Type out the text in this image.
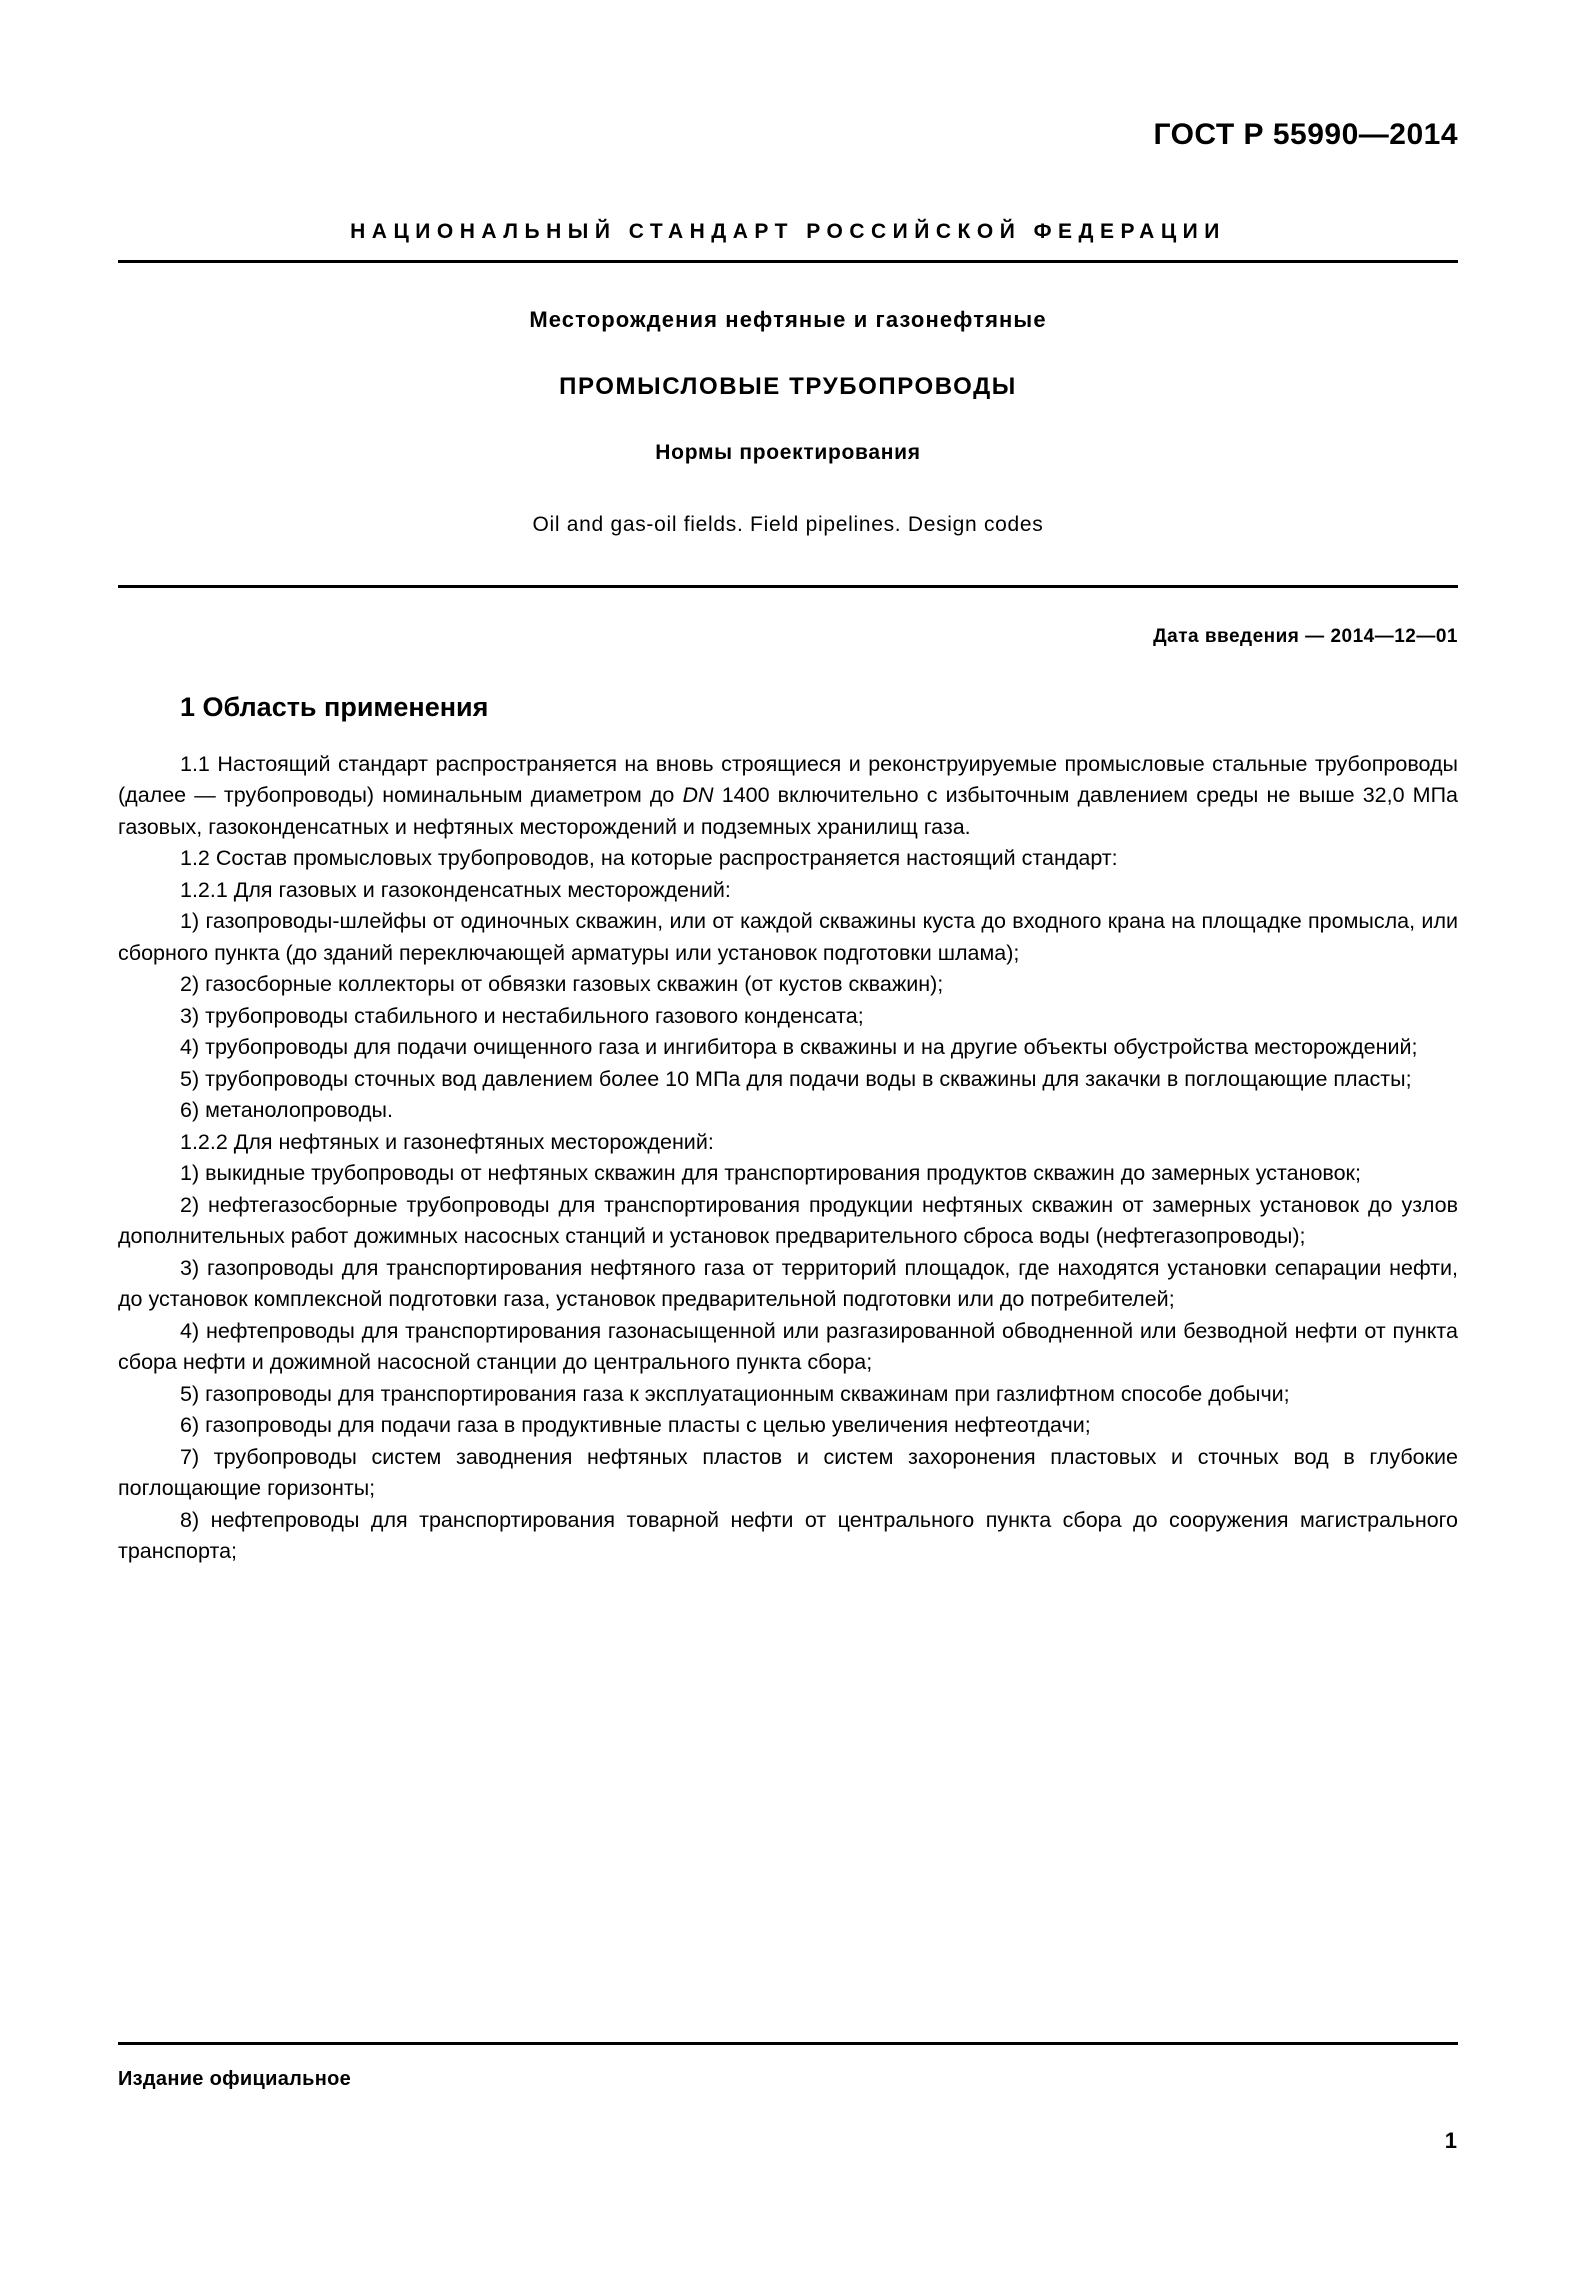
ГОСТ Р 55990—2014
НАЦИОНАЛЬНЫЙ СТАНДАРТ РОССИЙСКОЙ ФЕДЕРАЦИИ
Месторождения нефтяные и газонефтяные
ПРОМЫСЛОВЫЕ ТРУБОПРОВОДЫ
Нормы проектирования
Oil and gas-oil fields. Field pipelines. Design codes
Дата введения — 2014—12—01
1 Область применения

1.1 Настоящий стандарт распространяется на вновь строящиеся и реконструируемые промысловые стальные трубопроводы (далее — трубопроводы) номинальным диаметром до DN 1400 включительно с избыточным давлением среды не выше 32,0 МПа газовых, газоконденсатных и нефтяных месторождений и подземных хранилищ газа.

1.2 Состав промысловых трубопроводов, на которые распространяется настоящий стандарт:

1.2.1 Для газовых и газоконденсатных месторождений:

1) газопроводы-шлейфы от одиночных скважин, или от каждой скважины куста до входного крана на площадке промысла, или сборного пункта (до зданий переключающей арматуры или установок подготовки шлама);

2) газосборные коллекторы от обвязки газовых скважин (от кустов скважин);

3) трубопроводы стабильного и нестабильного газового конденсата;

4) трубопроводы для подачи очищенного газа и ингибитора в скважины и на другие объекты обустройства месторождений;

5) трубопроводы сточных вод давлением более 10 МПа для подачи воды в скважины для закачки в поглощающие пласты;

6) метанолопроводы.

1.2.2 Для нефтяных и газонефтяных месторождений:

1) выкидные трубопроводы от нефтяных скважин для транспортирования продуктов скважин до замерных установок;

2) нефтегазосборные трубопроводы для транспортирования продукции нефтяных скважин от замерных установок до узлов дополнительных работ дожимных насосных станций и установок предварительного сброса воды (нефтегазопроводы);

3) газопроводы для транспортирования нефтяного газа от территорий площадок, где находятся установки сепарации нефти, до установок комплексной подготовки газа, установок предварительной подготовки или до потребителей;

4) нефтепроводы для транспортирования газонасыщенной или разгазированной обводненной или безводной нефти от пункта сбора нефти и дожимной насосной станции до центрального пункта сбора;

5) газопроводы для транспортирования газа к эксплуатационным скважинам при газлифтном способе добычи;

6) газопроводы для подачи газа в продуктивные пласты с целью увеличения нефтеотдачи;

7) трубопроводы систем заводнения нефтяных пластов и систем захоронения пластовых и сточных вод в глубокие поглощающие горизонты;

8) нефтепроводы для транспортирования товарной нефти от центрального пункта сбора до сооружения магистрального транспорта;

Издание официальное
1
